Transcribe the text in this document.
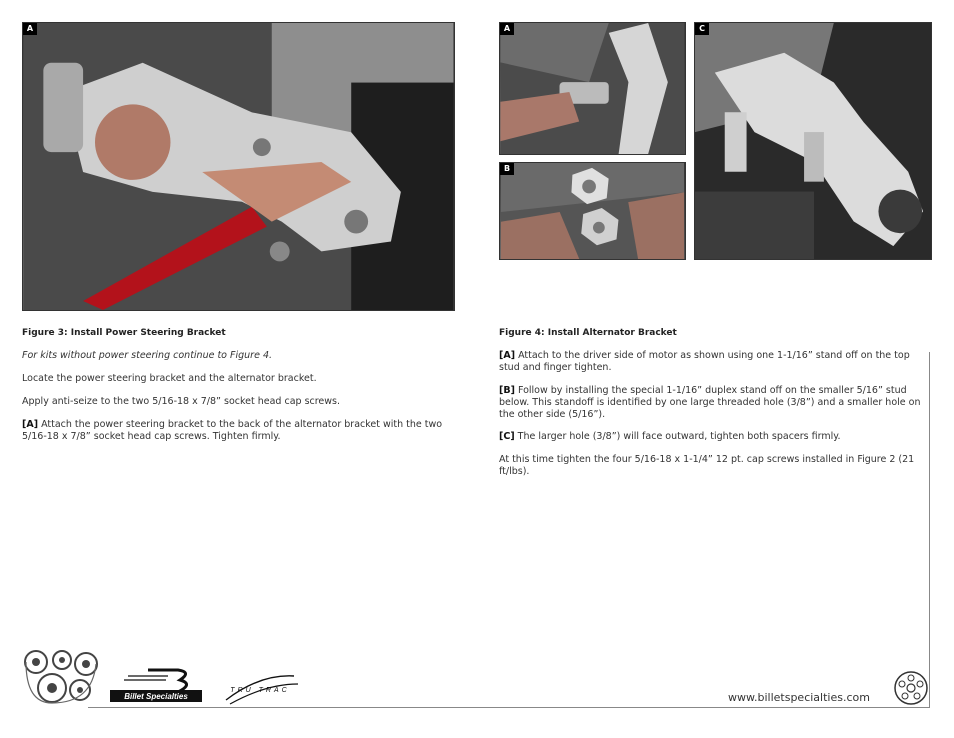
A	A
B
C
Figure 3: Install Power Steering Bracket

For kits without power steering continue to Figure 4.

Locate the power steering bracket and the alternator bracket.

Apply anti-seize to the two 5/16-18 x 7/8” socket head cap screws.

[A] Attach the power steering bracket to the back of the alternator bracket with the two 5/16-18 x 7/8” socket head cap screws. Tighten firmly.

Figure 4: Install Alternator Bracket

[A] Attach to the driver side of motor as shown using one 1-1/16” stand off on the top stud and finger tighten.

[B] Follow by installing the special 1-1/16” duplex stand off on the smaller 5/16” stud below. This standoff is identified by one large threaded hole (3/8”) and a smaller hole on the other side (5/16”).

[C] The larger hole (3/8”) will face outward, tighten both spacers firmly.

At this time tighten the four 5/16-18 x 1-1/4” 12 pt. cap screws installed in Figure 2 (21 ft/lbs).

Billet Specialties
TRU TRAC
www.billetspecialties.com
